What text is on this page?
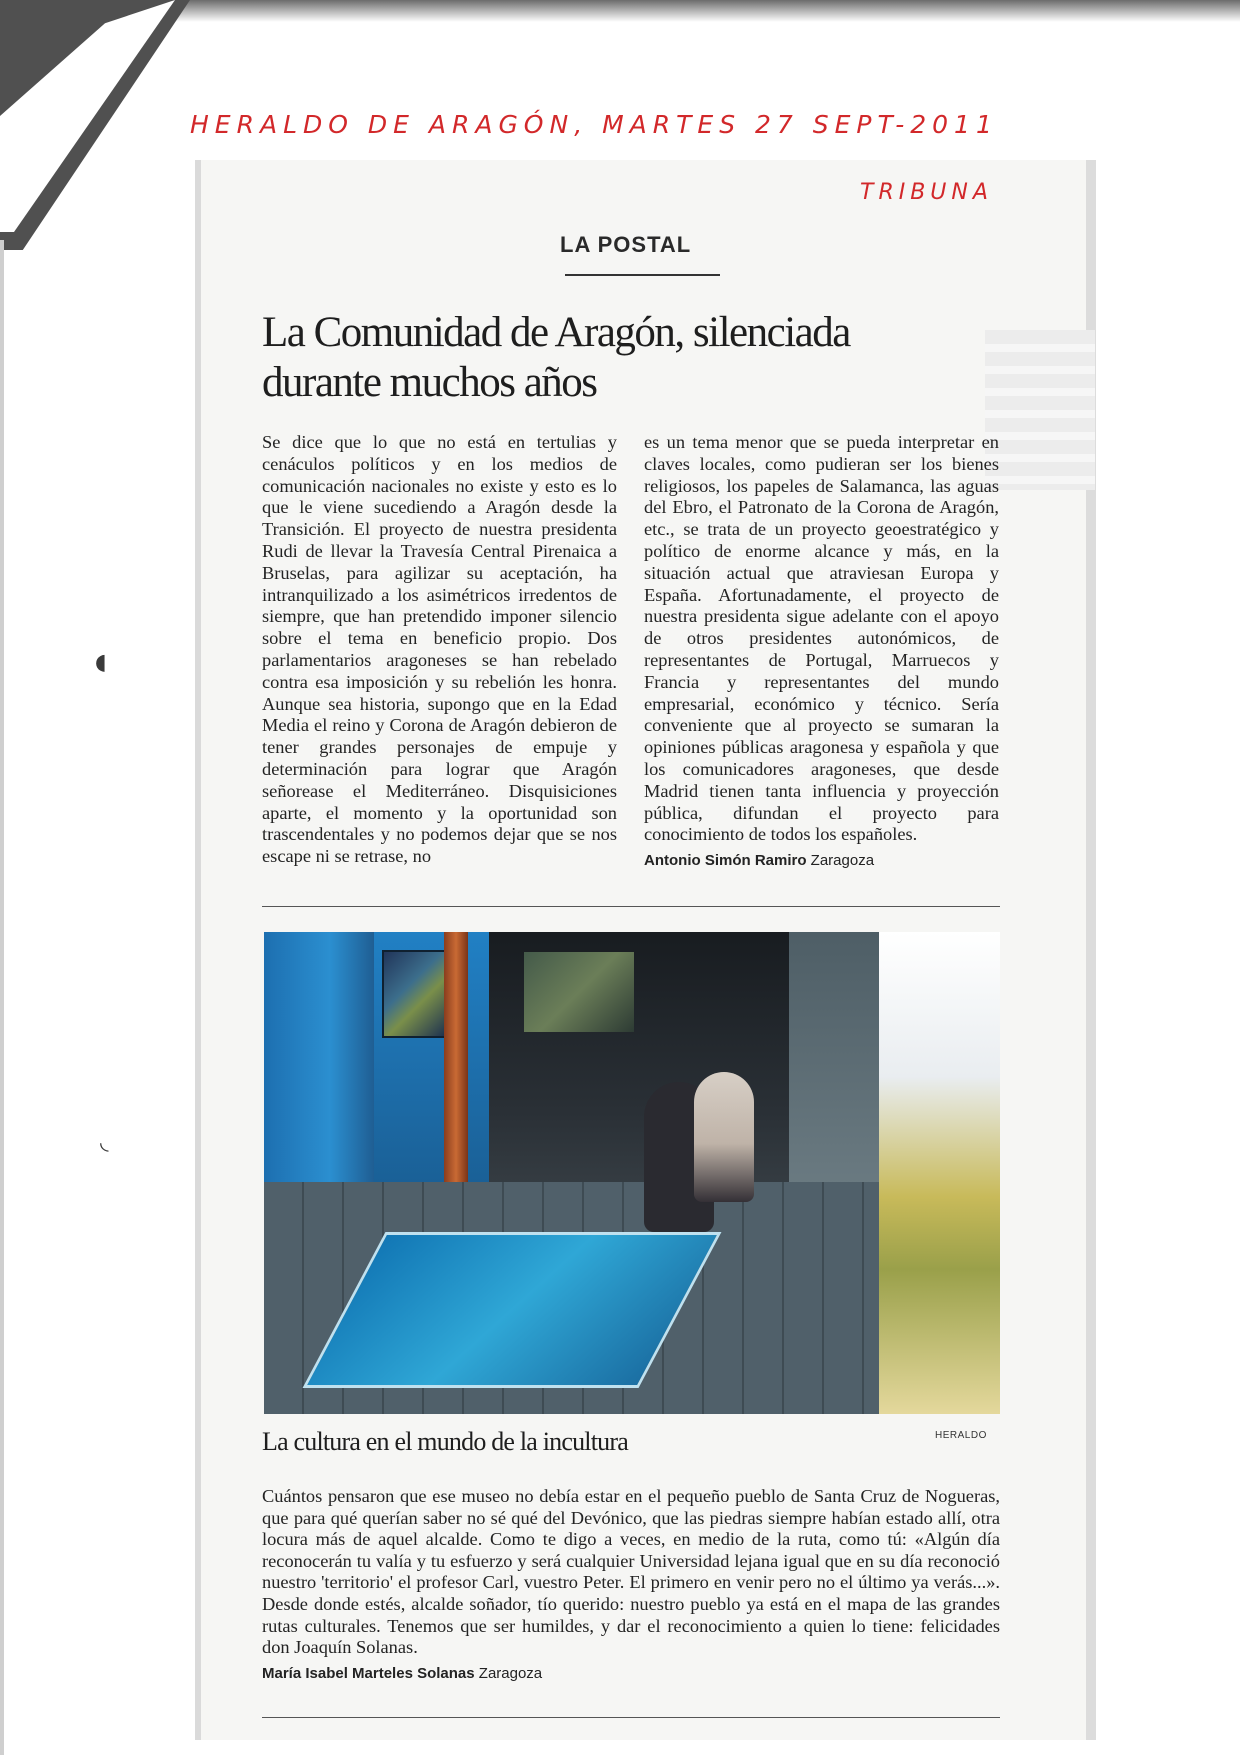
◖
◟
HERALDO DE ARAGÓN, MARTES 27 SEPT-2011
TRIBUNA
LA POSTAL
La Comunidad de Aragón, silenciada durante muchos años

Se dice que lo que no está en tertulias y cenáculos políticos y en los medios de comunicación nacionales no existe y esto es lo que le viene sucediendo a Aragón desde la Transición. El proyecto de nuestra presidenta Rudi de llevar la Travesía Central Pirenaica a Bruselas, para agilizar su aceptación, ha intranquilizado a los asimétricos irredentos de siempre, que han pretendido imponer silencio sobre el tema en beneficio propio. Dos parlamentarios aragoneses se han rebelado contra esa imposición y su rebelión les honra. Aunque sea historia, supongo que en la Edad Media el reino y Corona de Aragón debieron de tener grandes personajes de empuje y determinación para lograr que Aragón señorease el Mediterráneo. Disquisiciones aparte, el momento y la oportunidad son trascendentales y no podemos dejar que se nos escape ni se retrase, no

es un tema menor que se pueda interpretar en claves locales, como pudieran ser los bienes religiosos, los papeles de Salamanca, las aguas del Ebro, el Patronato de la Corona de Aragón, etc., se trata de un proyecto geoestratégico y político de enorme alcance y más, en la situación actual que atraviesan Europa y España. Afortunadamente, el proyecto de nuestra presidenta sigue adelante con el apoyo de otros presidentes autonómicos, de representantes de Portugal, Marruecos y Francia y representantes del mundo empresarial, económico y técnico. Sería conveniente que al proyecto se sumaran la opiniones públicas aragonesa y española y que los comunicadores aragoneses, que desde Madrid tienen tanta influencia y proyección pública, difundan el proyecto para conocimiento de todos los españoles.
Antonio Simón Ramiro Zaragoza
La cultura en el mundo de la incultura	HERALDO
Cuántos pensaron que ese museo no debía estar en el pequeño pueblo de Santa Cruz de Nogueras, que para qué querían saber no sé qué del Devónico, que las piedras siempre habían estado allí, otra locura más de aquel alcalde. Como te digo a veces, en medio de la ruta, como tú: «Algún día reconocerán tu valía y tu esfuerzo y será cualquier Universidad lejana igual que en su día reconoció nuestro 'territorio' el profesor Carl, vuestro Peter. El primero en venir pero no el último ya verás...». Desde donde estés, alcalde soñador, tío querido: nuestro pueblo ya está en el mapa de las grandes rutas culturales. Tenemos que ser humildes, y dar el reconocimiento a quien lo tiene: felicidades don Joaquín Solanas.
María Isabel Marteles Solanas Zaragoza
